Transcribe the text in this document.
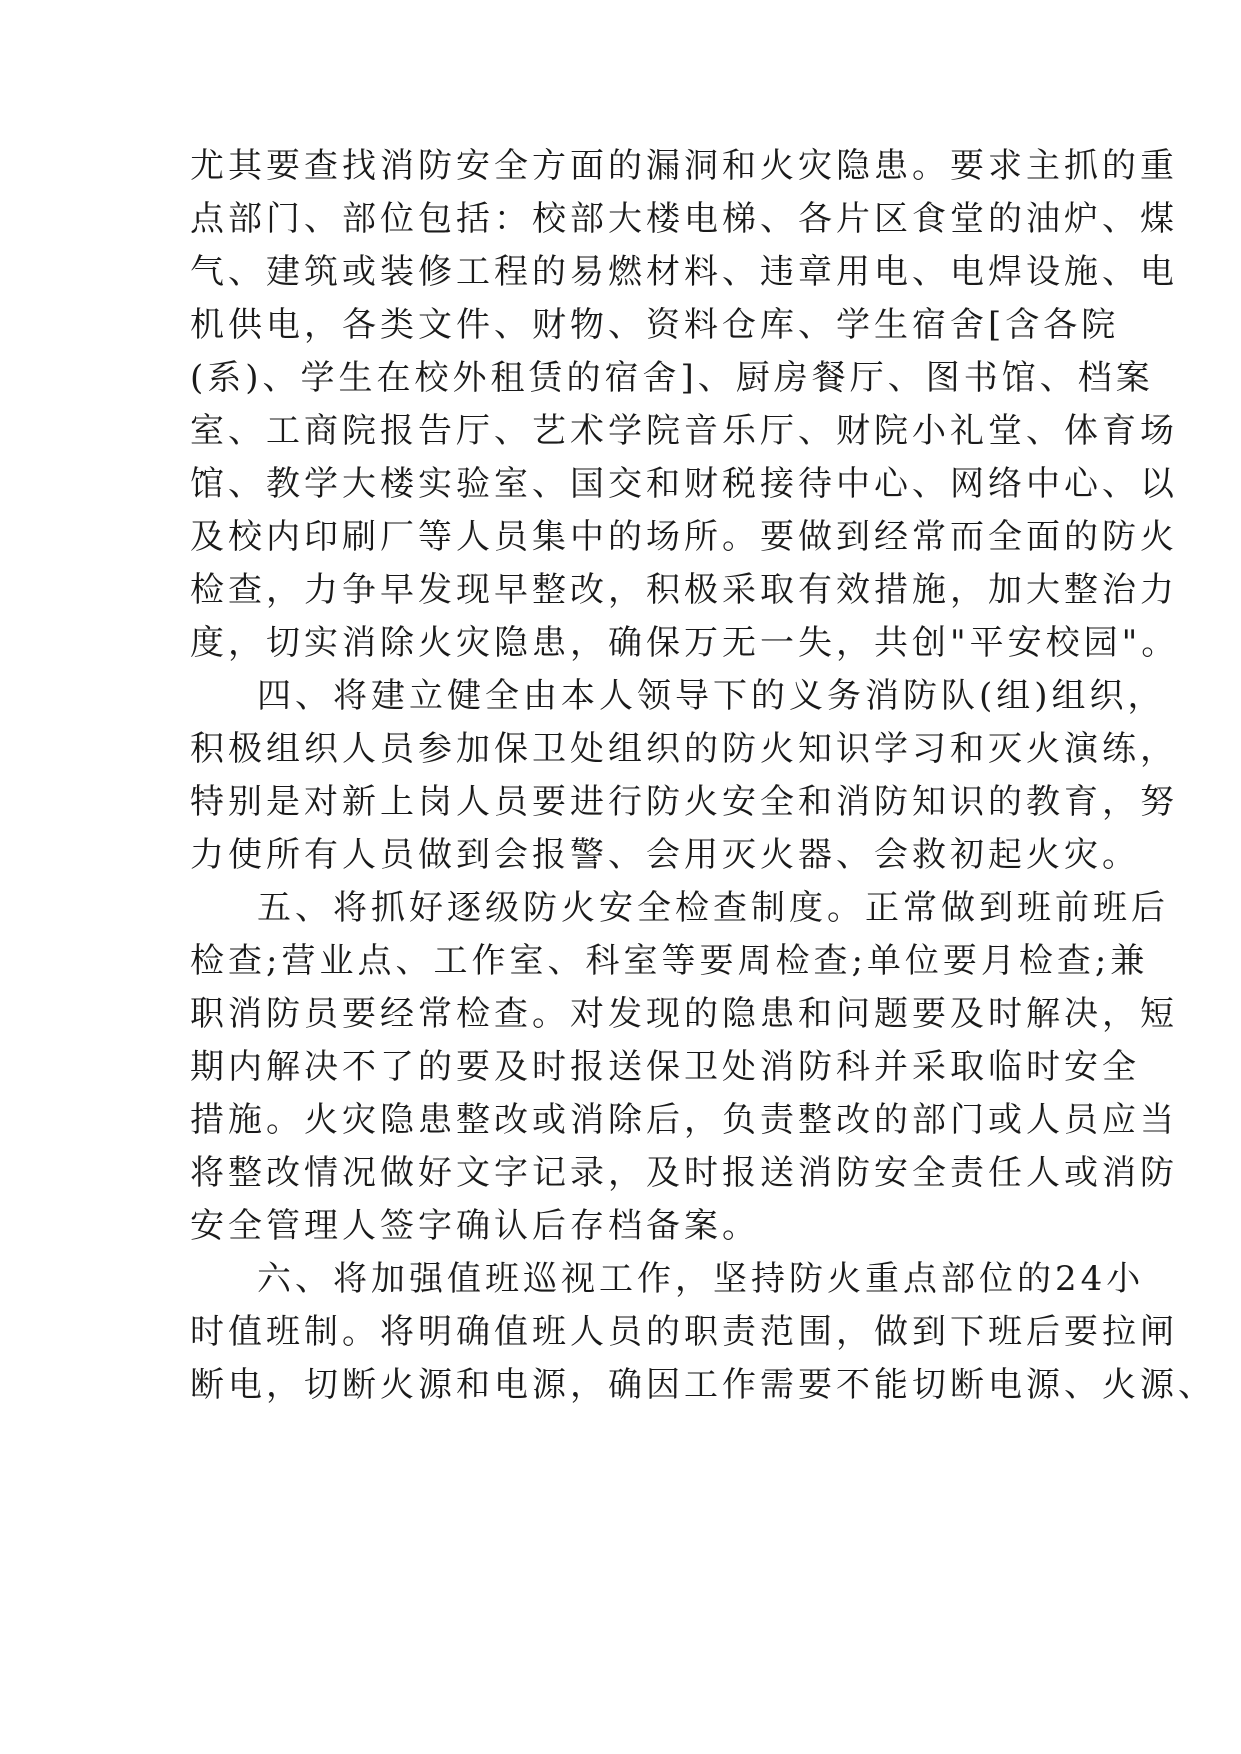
尤其要查找消防安全方面的漏洞和火灾隐患。要求主抓的重
点部门、部位包括：校部大楼电梯、各片区食堂的油炉、煤
气、建筑或装修工程的易燃材料、违章用电、电焊设施、电
机供电，各类文件、财物、资料仓库、学生宿舍[含各院
(系)、学生在校外租赁的宿舍]、厨房餐厅、图书馆、档案
室、工商院报告厅、艺术学院音乐厅、财院小礼堂、体育场
馆、教学大楼实验室、国交和财税接待中心、网络中心、以
及校内印刷厂等人员集中的场所。要做到经常而全面的防火
检查，力争早发现早整改，积极采取有效措施，加大整治力
度，切实消除火灾隐患，确保万无一失，共创"平安校园"。
四、将建立健全由本人领导下的义务消防队(组)组织，
积极组织人员参加保卫处组织的防火知识学习和灭火演练，
特别是对新上岗人员要进行防火安全和消防知识的教育，努
力使所有人员做到会报警、会用灭火器、会救初起火灾。
五、将抓好逐级防火安全检查制度。正常做到班前班后
检查;营业点、工作室、科室等要周检查;单位要月检查;兼
职消防员要经常检查。对发现的隐患和问题要及时解决，短
期内解决不了的要及时报送保卫处消防科并采取临时安全
措施。火灾隐患整改或消除后，负责整改的部门或人员应当
将整改情况做好文字记录，及时报送消防安全责任人或消防
安全管理人签字确认后存档备案。
六、将加强值班巡视工作，坚持防火重点部位的24小
时值班制。将明确值班人员的职责范围，做到下班后要拉闸
断电，切断火源和电源，确因工作需要不能切断电源、火源、
